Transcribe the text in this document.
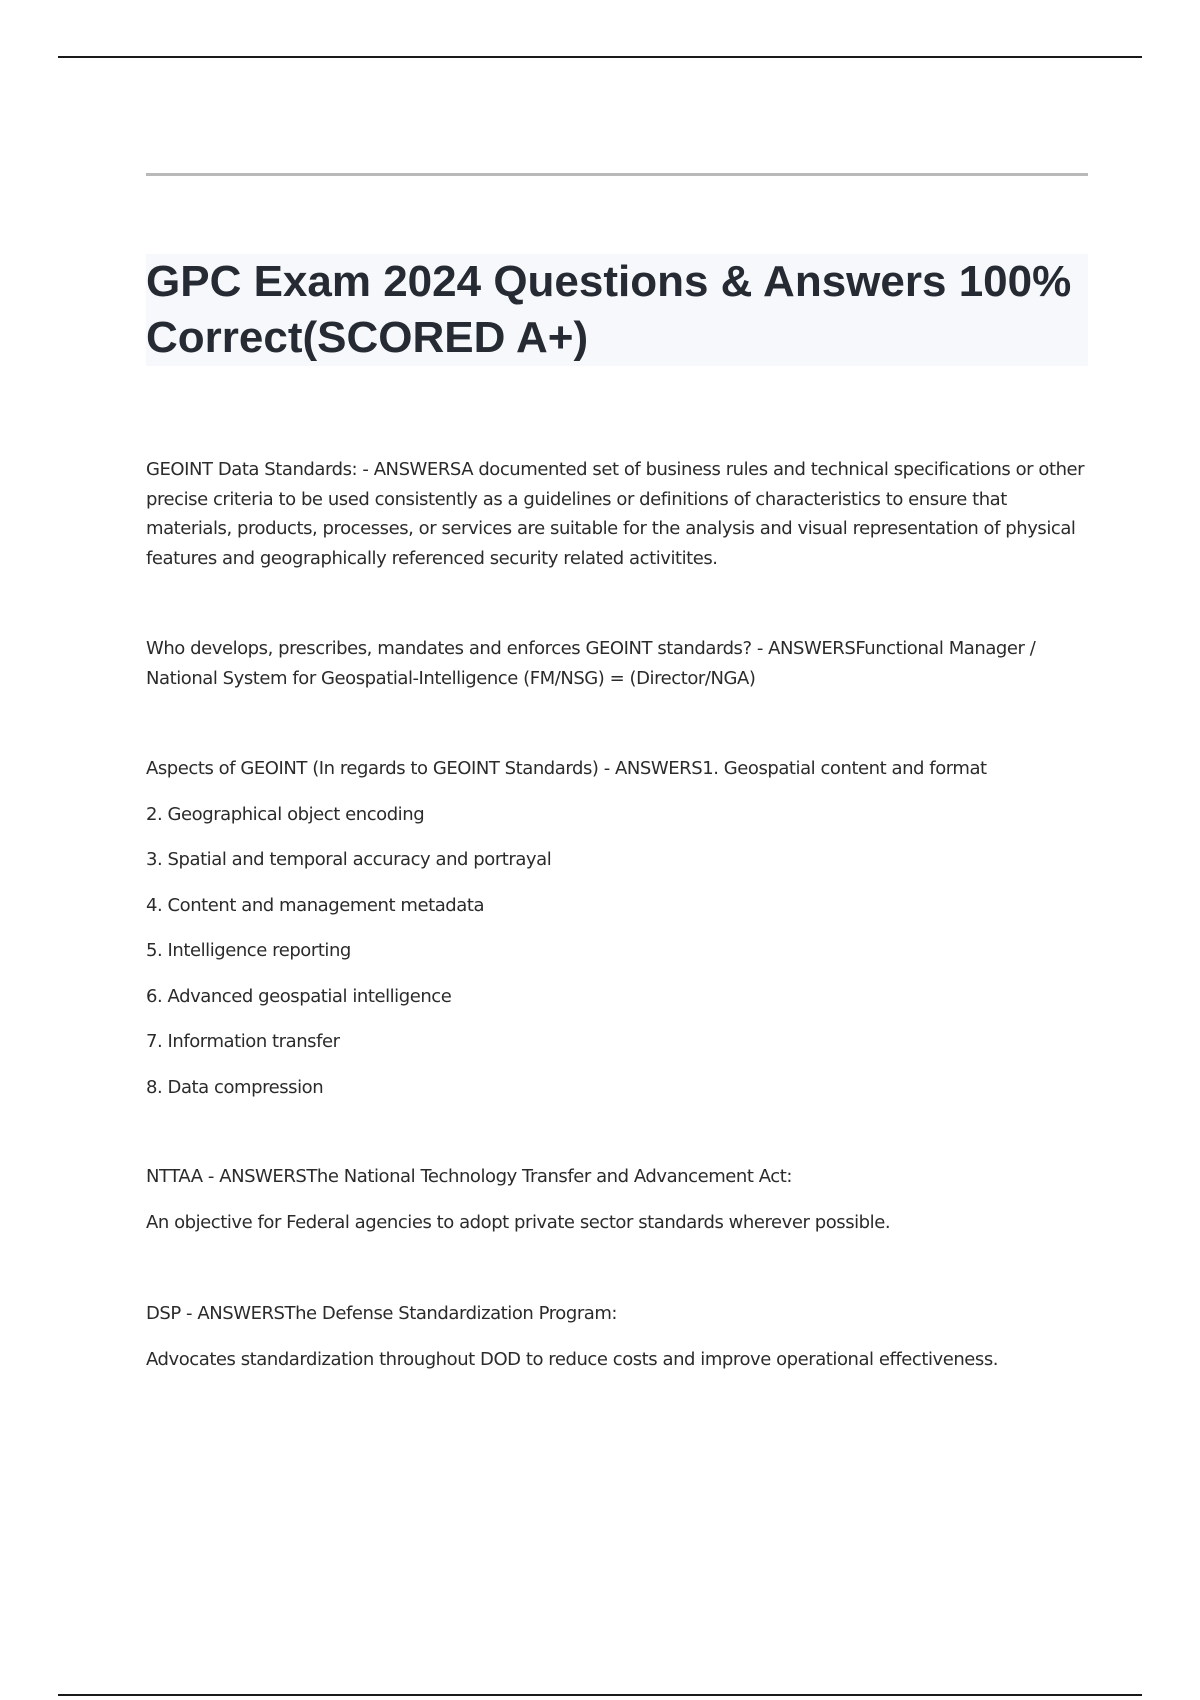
GPC Exam 2024 Questions & Answers 100% Correct(SCORED A+)

GEOINT Data Standards: - ANSWERSA documented set of business rules and technical specifications or other precise criteria to be used consistently as a guidelines or definitions of characteristics to ensure that materials, products, processes, or services are suitable for the analysis and visual representation of physical features and geographically referenced security related activitites.

Who develops, prescribes, mandates and enforces GEOINT standards? - ANSWERSFunctional Manager / National System for Geospatial-Intelligence (FM/NSG) = (Director/NGA)

Aspects of GEOINT (In regards to GEOINT Standards) - ANSWERS1. Geospatial content and format

2. Geographical object encoding

3. Spatial and temporal accuracy and portrayal

4. Content and management metadata

5. Intelligence reporting

6. Advanced geospatial intelligence

7. Information transfer

8. Data compression

NTTAA - ANSWERSThe National Technology Transfer and Advancement Act:

An objective for Federal agencies to adopt private sector standards wherever possible.

DSP - ANSWERSThe Defense Standardization Program:

Advocates standardization throughout DOD to reduce costs and improve operational effectiveness.
